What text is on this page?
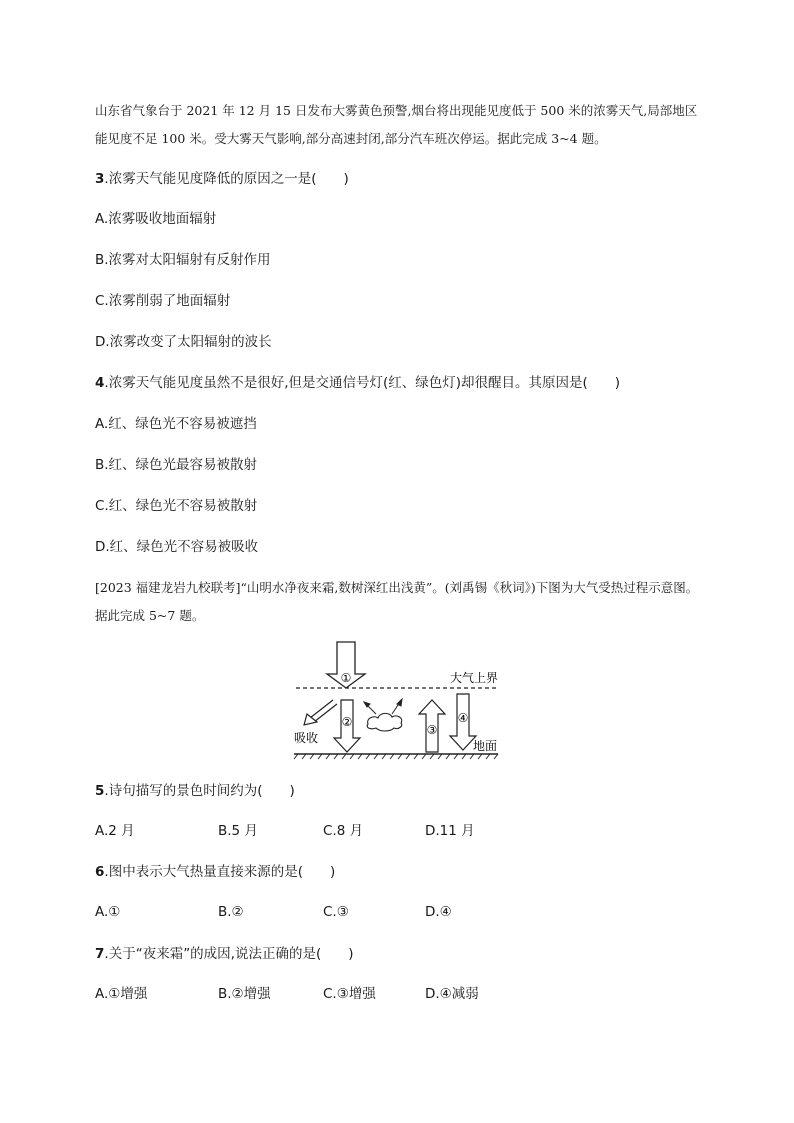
山东省气象台于 2021 年 12 月 15 日发布大雾黄色预警,烟台将出现能见度低于 500 米的浓雾天气,局部地区能见度不足 100 米。受大雾天气影响,部分高速封闭,部分汽车班次停运。据此完成 3~4 题。
3.浓雾天气能见度降低的原因之一是(　　)
A.浓雾吸收地面辐射
B.浓雾对太阳辐射有反射作用
C.浓雾削弱了地面辐射
D.浓雾改变了太阳辐射的波长
4.浓雾天气能见度虽然不是很好,但是交通信号灯(红、绿色灯)却很醒目。其原因是(　　)
A.红、绿色光不容易被遮挡
B.红、绿色光最容易被散射
C.红、绿色光不容易被散射
D.红、绿色光不容易被吸收
[2023 福建龙岩九校联考]“山明水净夜来霜,数树深红出浅黄”。(刘禹锡《秋词》)下图为大气受热过程示意图。据此完成 5~7 题。
①
吸收
②
③
④
大气上界
地面
5.诗句描写的景色时间约为(　　)
A.2 月	B.5 月	C.8 月	D.11 月
6.图中表示大气热量直接来源的是(　　)
A.①	B.②	C.③	D.④
7.关于“夜来霜”的成因,说法正确的是(　　)
A.①增强	B.②增强	C.③增强	D.④减弱
